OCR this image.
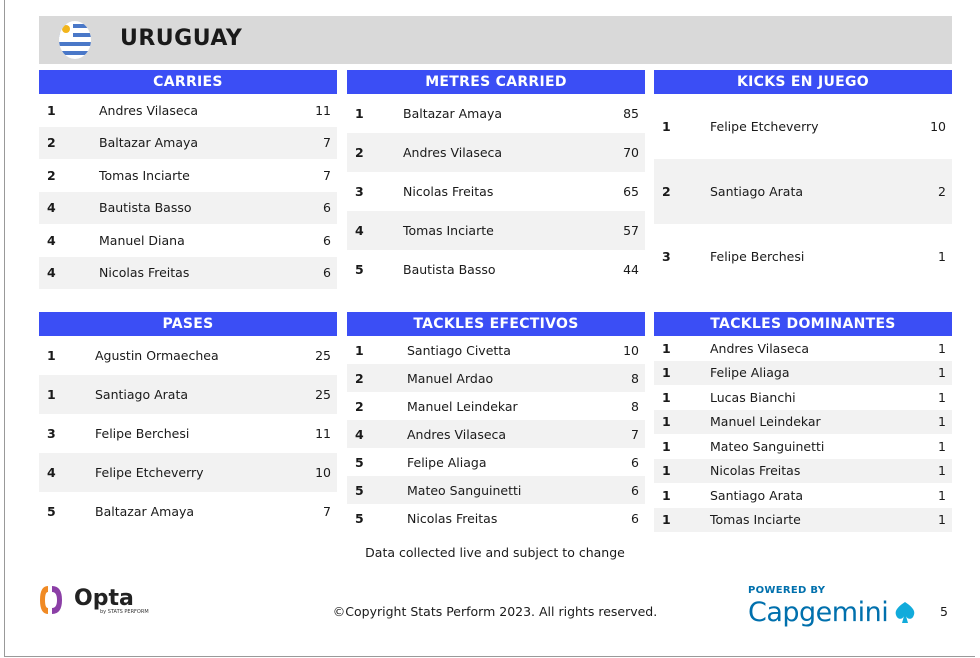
URUGUAY
CARRIES
1	Andres Vilaseca	11
2	Baltazar Amaya	7
2	Tomas Inciarte	7
4	Bautista Basso	6
4	Manuel Diana	6
4	Nicolas Freitas	6
METRES CARRIED
1	Baltazar Amaya	85
2	Andres Vilaseca	70
3	Nicolas Freitas	65
4	Tomas Inciarte	57
5	Bautista Basso	44
KICKS EN JUEGO
1	Felipe Etcheverry	10
2	Santiago Arata	2
3	Felipe Berchesi	1
PASES
1	Agustin Ormaechea	25
1	Santiago Arata	25
3	Felipe Berchesi	11
4	Felipe Etcheverry	10
5	Baltazar Amaya	7
TACKLES EFECTIVOS
1	Santiago Civetta	10
2	Manuel Ardao	8
2	Manuel Leindekar	8
4	Andres Vilaseca	7
5	Felipe Aliaga	6
5	Mateo Sanguinetti	6
5	Nicolas Freitas	6
TACKLES DOMINANTES
1	Andres Vilaseca	1
1	Felipe Aliaga	1
1	Lucas Bianchi	1
1	Manuel Leindekar	1
1	Mateo Sanguinetti	1
1	Nicolas Freitas	1
1	Santiago Arata	1
1	Tomas Inciarte	1
Data collected live and subject to change
Opta
by STATS PERFORM	©Copyright Stats Perform 2023. All rights reserved.
POWERED BY
Capgemini	5
